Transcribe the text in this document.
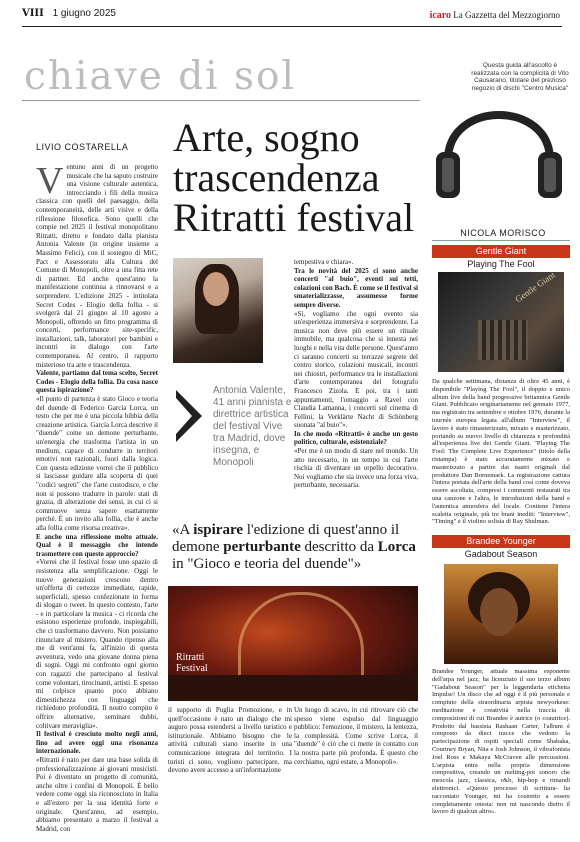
VIII 1 giugno 2025	icaro La Gazzetta del Mezzogiorno
chiave di sol
LIVIO COSTARELLA Arte, sogno
trascendenza
Ritratti festival
V entuno anni di un progetto musicale che ha saputo costruire una visione culturale autentica, intrecciando i fili della musica classica con quelli del paesaggio, della contemporaneità, delle arti visive e della riflessione filosofica. Sono quelli che compie nel 2025 il festival monopolitano Ritratti, diretto e fondato dalla pianista Antonia Valente (in origine insieme a Massimo Felici), con il sostegno di MiC, Pact e Assessorato alla Cultura del Comune di Monopoli, oltre a una fitta rete di partner. Ed anche quest'anno la manifestazione continua a rinnovarsi e a sorprendere. L'edizione 2025 - intitolata Secret Codes - Elogio della follia - si svolgerà dal 21 giugno al 10 agosto a Monopoli, offrendo un fitto programma di concerti, performance site-specific, installazioni, talk, laboratori per bambini e incontri in dialogo con l'arte contemporanea. Al centro, il rapporto misterioso tra arte e trascendenza.

Valente, partiamo dal tema scelto, Secret Codes - Elogio della follia. Da cosa nasce questa ispirazione?

«Il punto di partenza è stato Gioco e teoria del duende di Federico García Lorca, un testo che per me è una piccola bibbia della creazione artistica. García Lorca descrive il "duende" come un demone perturbante, un'energia che trasforma l'artista in un medium, capace di condurre in territori emotivi non razionali, fuori dalla logica. Con questa edizione vorrei che il pubblico si lasciasse guidare alla scoperta di quei "codici segreti" che l'arte custodisce, e che non si possono tradurre in parole: stati di grazia, di alterazione dei sensi, in cui ci si commuove senza sapere esattamente perché. È un invito alla follia, che è anche alla follia come risorsa creativa».

E anche una riflessione molto attuale. Qual è il messaggio che intende trasmettere con questo approccio?

«Vorrei che il festival fosse uno spazio di resistenza alla semplificazione. Oggi le nuove generazioni crescono dentro un'offerta di certezze immediate, rapide, superficiali, spesso confezionate in forma di slogan o tweet. In questo contesto, l'arte - e in particolare la musica - ci ricorda che esistono esperienze profonde, inspiegabili, che ci trasformano davvero. Non possiamo rinunciare al mistero. Quando ripenso alla me di vent'anni fa, all'inizio di questa avventura, vedo una giovane donna piena di sogni. Oggi mi confronto ogni giorno con ragazzi che partecipano al festival come volontari, tirocinanti, artisti. E spesso mi colpisce quanto poco abbiano dimestichezza con linguaggi che richiedono profondità. Il nostro compito è offrire alternative, seminare dubbi, coltivare meraviglia».

Il festival è cresciuto molto negli anni, fino ad avere oggi una risonanza internazionale.

«Ritratti è nato per dare una base solida di professionalizzazione ai giovani musicisti. Poi è diventato un progetto di comunità, anche oltre i confini di Monopoli. È bello vedere come oggi sia riconosciuto in Italia e all'estero per la sua identità forte e originale. Quest'anno, ad esempio, abbiamo presentato a marzo il festival a Madrid, con

Antonia Valente, 41 anni pianista e direttrice artistica del festival Vive tra Madrid, dove insegna, e Monopoli

tempestiva e chiara».

Tra le novità del 2025 ci sono anche concerti "al buio", eventi sui tetti, colazioni con Bach. È come se il festival si smaterializzasse, assumesse forme sempre diverse.

«Sì, vogliamo che ogni evento sia un'esperienza immersiva e sorprendente. La musica non deve più essere un rituale immobile, ma qualcosa che si innesta nei luoghi e nella vita delle persone. Quest'anno ci saranno concerti su terrazze segrete del centro storico, colazioni musicali, incontri nei chiostri, performance tra le installazioni d'arte contemporanea del fotografo Francesco Zizola. E poi, tra i tanti appuntamenti, l'omaggio a Ravel con Claudia Lamanna, i concerti sul cinema di Fellini, la Verklärte Nacht di Schönberg suonata "al buio"».

In che modo «Ritratti» è anche un gesto politico, culturale, esistenziale?

«Per me è un modo di stare nel mondo. Un atto necessario, in un tempo in cui l'arte rischia di diventare un orpello decorativo. Noi vogliamo che sia invece una forza viva, perturbante, necessaria.

«A ispirare l'edizione di quest'anno il demone perturbante descritto da Lorca in "Gioco e teoria del duende"»
Ritratti Festival
il supporto di Puglia Promozione, e in quell'occasione è nato un dialogo che mi auguro possa estendersi a livello turistico e istituzionale. Abbiamo bisogno che le attività culturali siano inserite in una comunicazione integrata del territorio. I turisti ci sono, vogliono partecipare, ma devono avere accesso a un'informazione
Un luogo di scavo, in cui ritrovare ciò che spesso viene espulso dal linguaggio pubblico: l'emozione, il mistero, la lentezza, la complessità. Come scrive Lorca, il "duende" è ciò che ci mette in contatto con la nostra parte più profonda. È questo che cerchiamo, ogni estate, a Monopoli».
Questa guida all'ascolto è realizzata con la complicità di Vito Causarano, titolare del prezioso negozio di dischi "Centro Musica"
NICOLA MORISCO
Gentle Giant
Playing The Fool
Gentle Giant

Da qualche settimana, distanza di oltre 45 anni, è disponibile "Playing The Fool", il doppio e unico album live della band progressive britannica Gentle Giant. Pubblicato originariamente nel gennaio 1977, ma registrato tra settembre e ottobre 1976, durante la tournée europea legata all'album "Interview", il lavoro è stato rimasterizzato, mixato e masterizzato, portando su nuovo livello di chiarezza e profondità all'esperienza live dei Gentle Giant. "Playing The Fool: The Complete Live Experience" (titolo della ristampa) è stato accuratamente mixato e masterizzato a partire dai nastri originali dal produttore Dan Bornemark. La registrazione cattura l'intera portata dell'arte della band così come doveva essere ascoltata, compresi i commenti restaurati tra una canzone e l'altra, le introduzioni della band e l'autentica atmosfera del locale. Contiene l'intera scaletta originale, più tre brani inediti: "Interview", "Timing" e il violino solista di Ray Shulman.

Brandee Younger
Gadabout Season

Brandee Younger, attuale massima esponente dell'arpa nel jazz, ha licenziato il suo terzo album "Gadabout Season" per la leggendaria etichetta Impulse! Un disco che ad oggi è il più personale e compiuto della straordinaria arpista newyorkese: meditazione e creatività nella traccia di composizioni di cui Brandee è autrice (o coautrice). Prodotto dal bassista Rashaan Carter, l'album è composto da dieci tracce che vedono la partecipazione di ospiti speciali come Shabaka, Courtney Bryan, Niia e Josh Johnson, il vibrafonista Joel Ross e Makaya McCraven alle percussioni. L'arpista entra nella propria dimensione compositiva, creando un melting-pot sonoro che mescola jazz, classica, r&b, hip-hop e rimandi elettronici. «Questo processo di scrittura- ha raccontato Younger, mi ha costretto a essere completamente onesta: non mi nascondo dietro il lavoro di qualcun altro».
